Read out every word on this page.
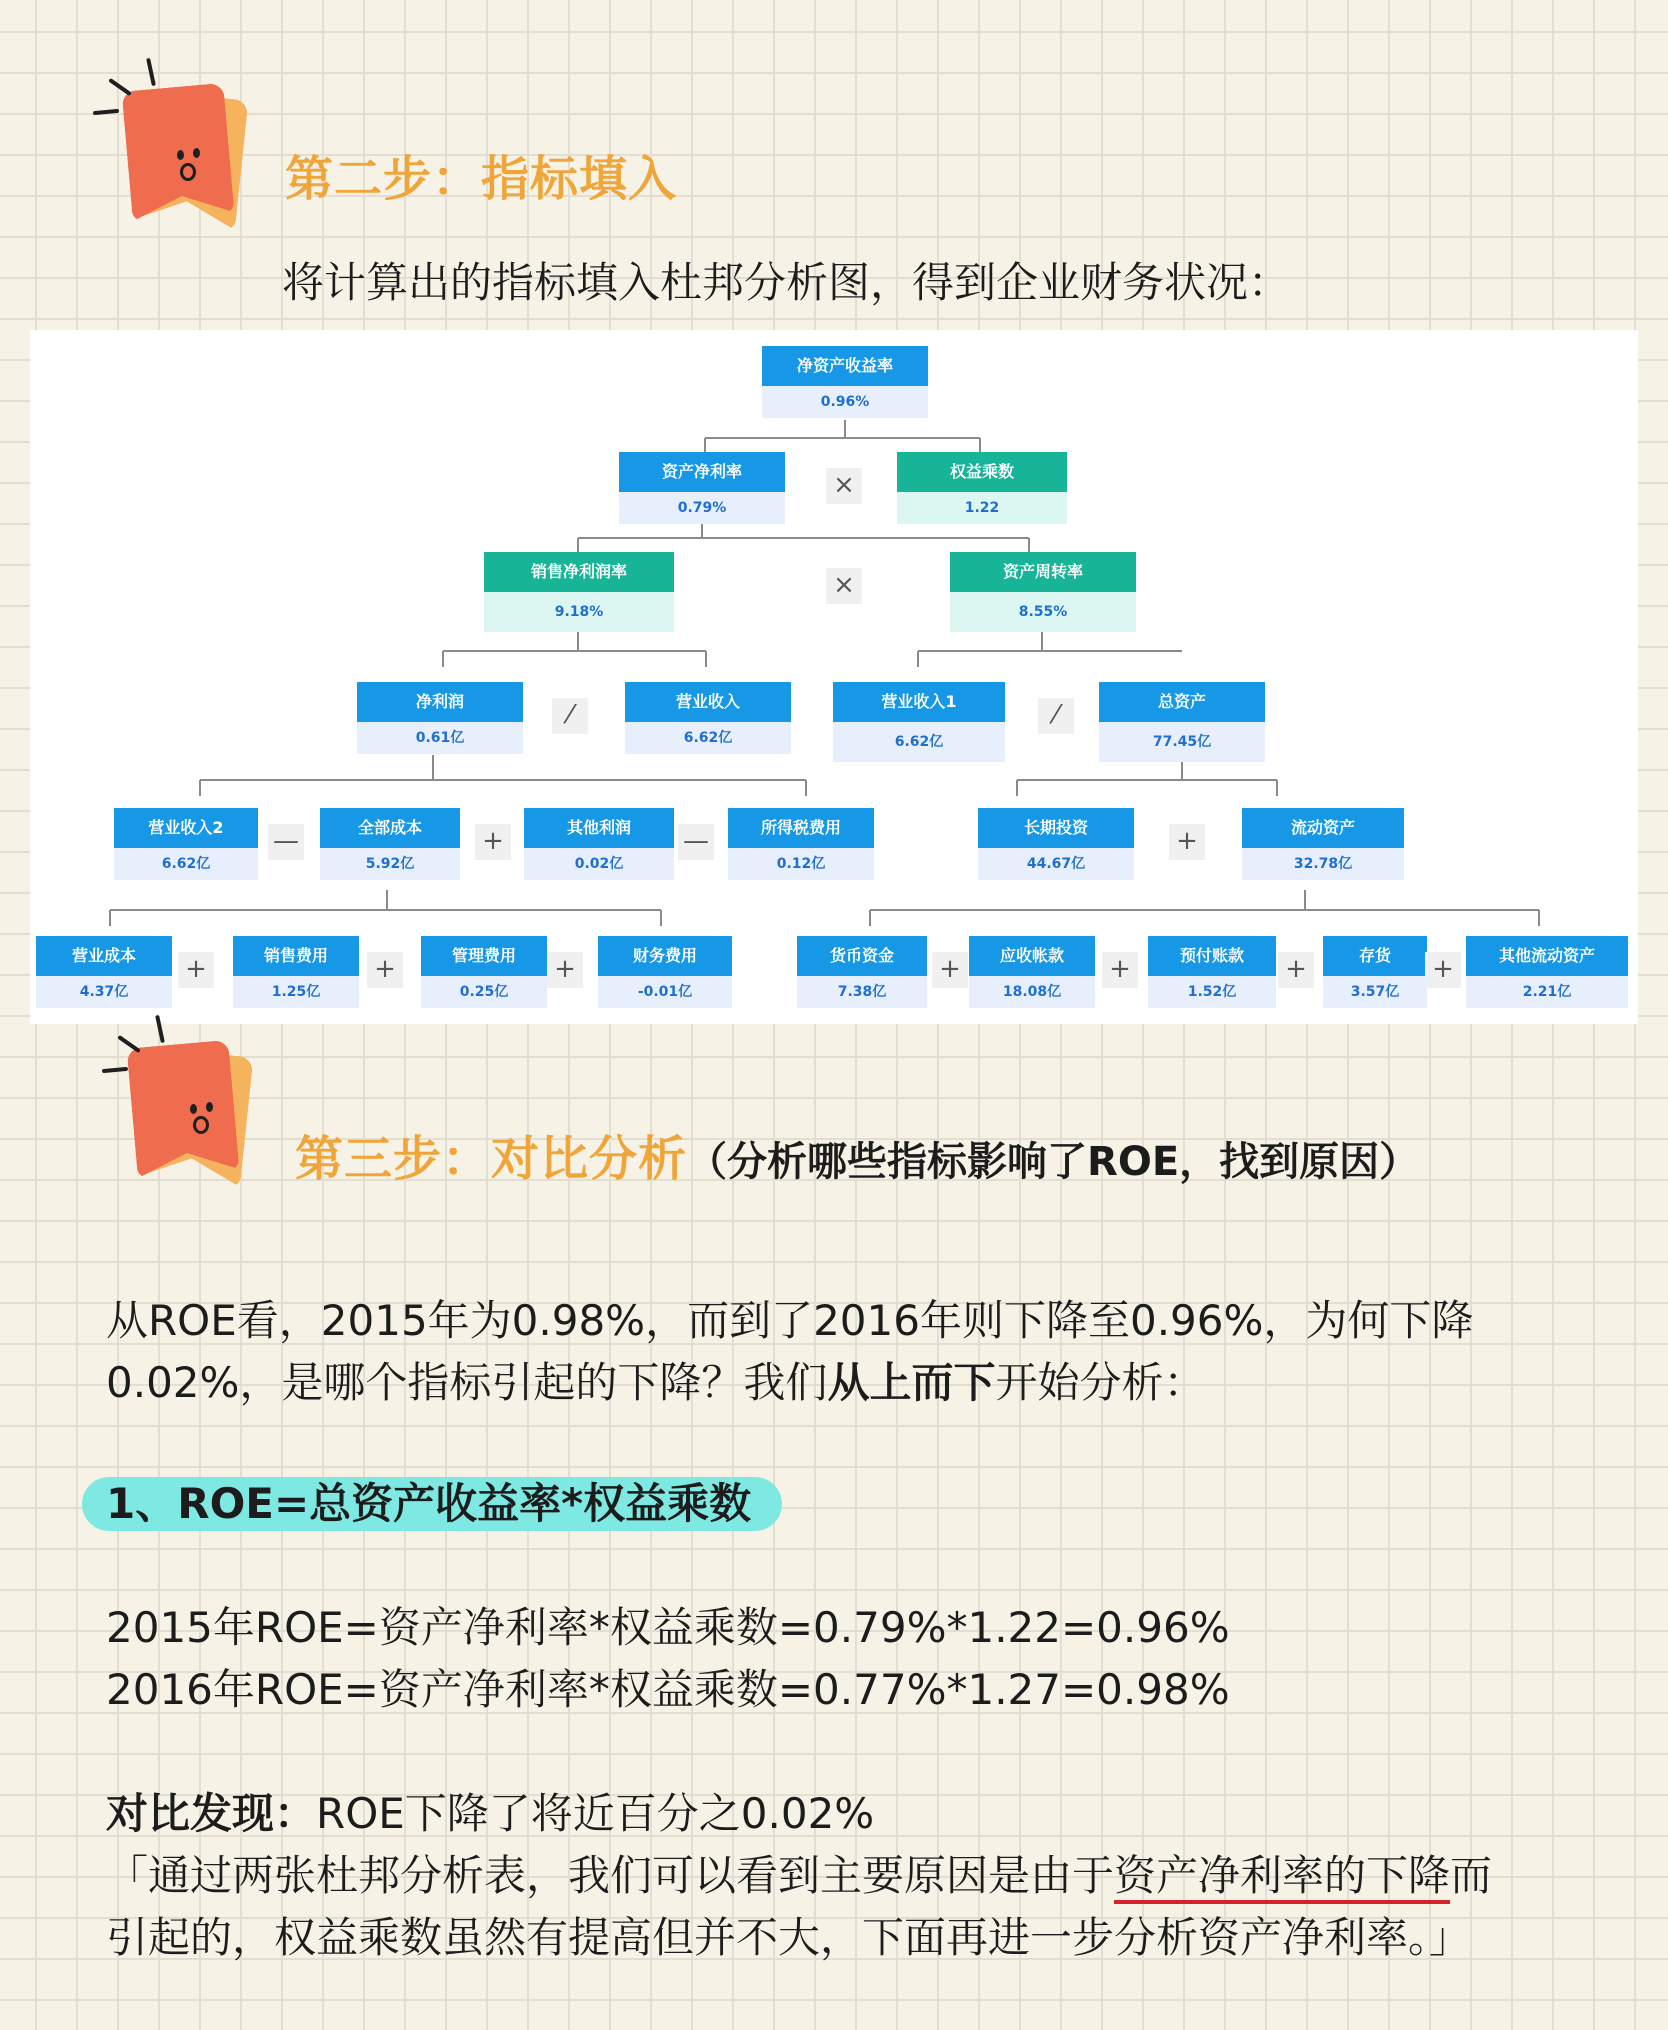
第二步：指标填入
将计算出的指标填入杜邦分析图，得到企业财务状况：
净资产收益率
0.96%
资产净利率
0.79%
×	权益乘数
1.22
销售净利润率
9.18%
×	资产周转率
8.55%
净利润
0.61亿
⁄	营业收入
6.62亿
营业收入1
6.62亿
⁄	总资产
77.45亿
营业收入2
6.62亿
—	全部成本
5.92亿
+	其他利润
0.02亿
—	所得税费用
0.12亿
长期投资
44.67亿
+	流动资产
32.78亿
营业成本
4.37亿
+	销售费用
1.25亿
+	管理费用
0.25亿
+	财务费用
-0.01亿
货币资金
7.38亿
+	应收帐款
18.08亿
+	预付账款
1.52亿
+	存货
3.57亿
+	其他流动资产
2.21亿
第三步：对比分析（分析哪些指标影响了ROE，找到原因）
从ROE看，2015年为0.98%，而到了2016年则下降至0.96%，为何下降
0.02%，是哪个指标引起的下降？我们从上而下开始分析：
1、ROE=总资产收益率*权益乘数
2015年ROE=资产净利率*权益乘数=0.79%*1.22=0.96%
2016年ROE=资产净利率*权益乘数=0.77%*1.27=0.98%
对比发现：ROE下降了将近百分之0.02%
「通过两张杜邦分析表，我们可以看到主要原因是由于资产净利率的下降而
引起的，权益乘数虽然有提高但并不大，下面再进一步分析资产净利率。」
